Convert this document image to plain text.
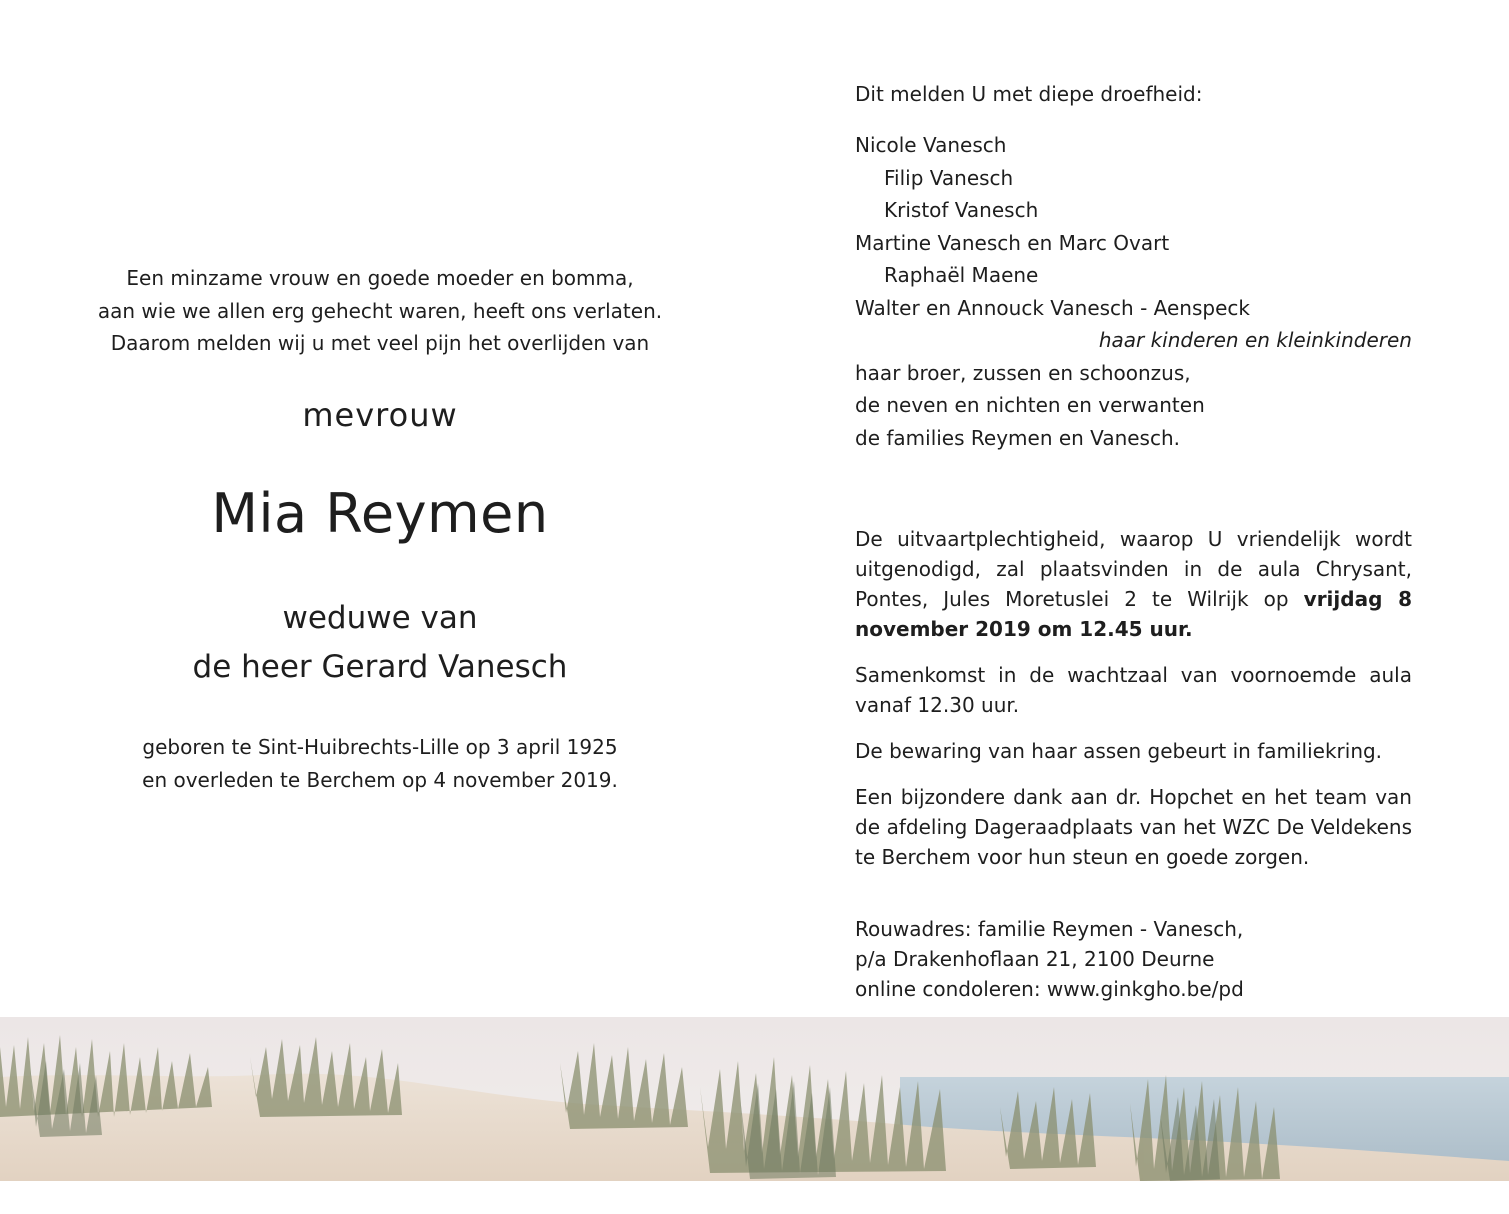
Een minzame vrouw en goede moeder en bomma,
aan wie we allen erg gehecht waren, heeft ons verlaten.
Daarom melden wij u met veel pijn het overlijden van
mevrouw
Mia Reymen
weduwe van
de heer Gerard Vanesch
geboren te Sint-Huibrechts-Lille op 3 april 1925
en overleden te Berchem op 4 november 2019.
Dit melden U met diepe droefheid:
Nicole Vanesch
Filip Vanesch
Kristof Vanesch
Martine Vanesch en Marc Ovart
Raphaël Maene
Walter en Annouck Vanesch - Aenspeck
haar kinderen en kleinkinderen
haar broer, zussen en schoonzus,
de neven en nichten en verwanten
de families Reymen en Vanesch.

De uitvaartplechtigheid, waarop U vriendelijk wordt uitgenodigd, zal plaatsvinden in de aula Chrysant, Pontes, Jules Moretuslei 2 te Wilrijk op vrijdag 8 november 2019 om 12.45 uur.

Samenkomst in de wachtzaal van voornoemde aula vanaf 12.30 uur.

De bewaring van haar assen gebeurt in familiekring.

Een bijzondere dank aan dr. Hopchet en het team van de afdeling Dageraadplaats van het WZC De Veldekens te Berchem voor hun steun en goede zorgen.

Rouwadres: familie Reymen - Vanesch,
p/a Drakenhoflaan 21, 2100 Deurne
online condoleren: www.ginkgho.be/pd
